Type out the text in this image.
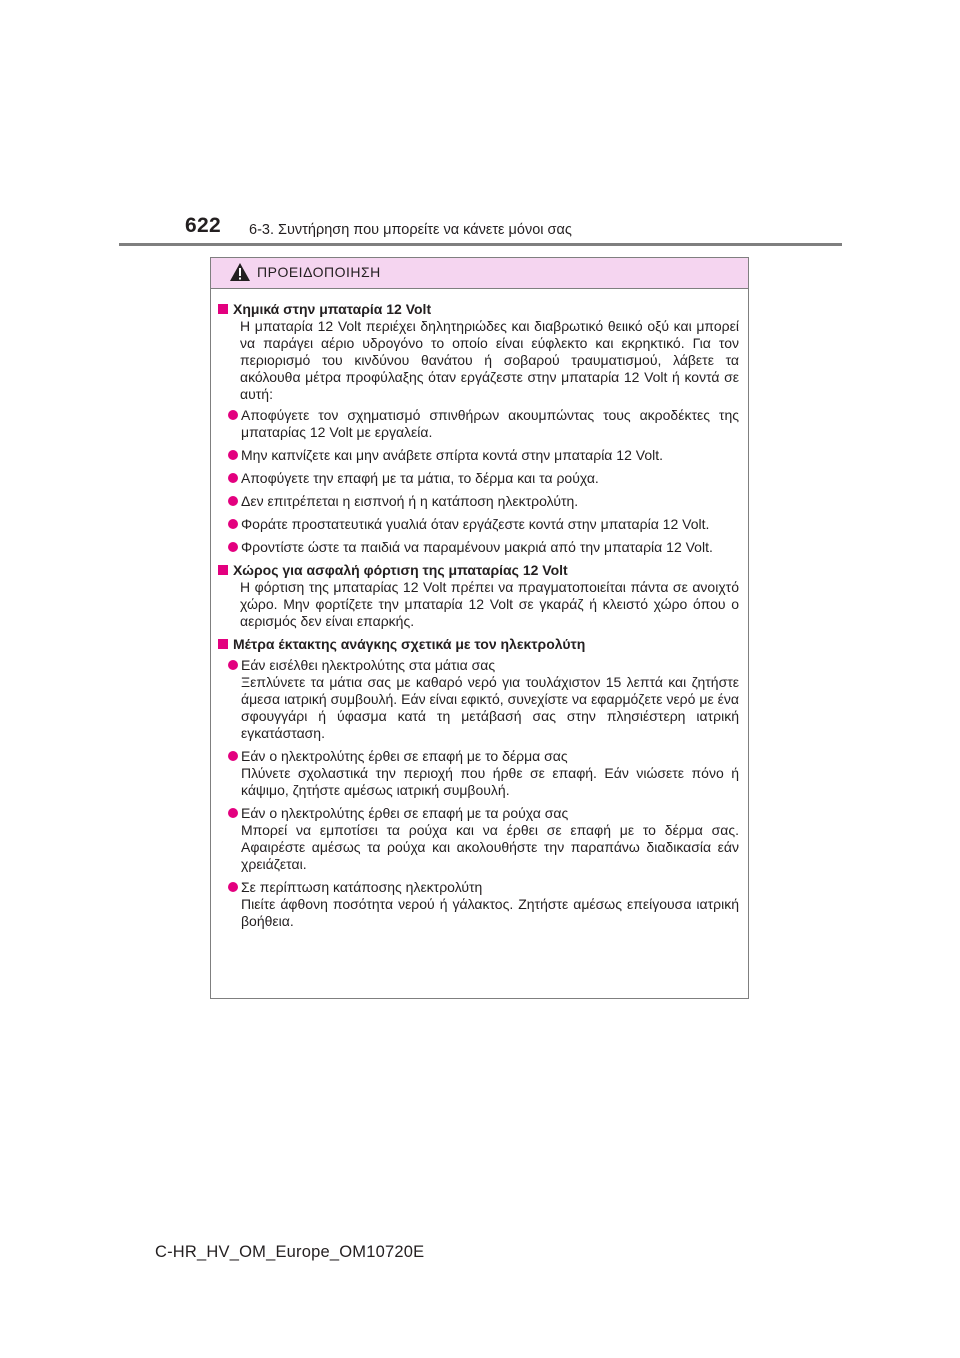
622 6-3. Συντήρηση που μπορείτε να κάνετε μόνοι σας
ΠΡΟΕΙΔΟΠΟΙΗΣΗ
Χημικά στην μπαταρία 12 Volt

Η μπαταρία 12 Volt περιέχει δηλητηριώδες και διαβρωτικό θειικό οξύ και μπορεί να παράγει αέριο υδρογόνο το οποίο είναι εύφλεκτο και εκρηκτικό. Για τον περιορισμό του κινδύνου θανάτου ή σοβαρού τραυματισμού, λάβετε τα ακόλουθα μέτρα προφύλαξης όταν εργάζεστε στην μπαταρία 12 Volt ή κοντά σε αυτή:

Αποφύγετε τον σχηματισμό σπινθήρων ακουμπώντας τους ακροδέκτες της μπαταρίας 12 Volt με εργαλεία.
Μην καπνίζετε και μην ανάβετε σπίρτα κοντά στην μπαταρία 12 Volt.
Αποφύγετε την επαφή με τα μάτια, το δέρμα και τα ρούχα.
Δεν επιτρέπεται η εισπνοή ή η κατάποση ηλεκτρολύτη.
Φοράτε προστατευτικά γυαλιά όταν εργάζεστε κοντά στην μπαταρία 12 Volt.
Φροντίστε ώστε τα παιδιά να παραμένουν μακριά από την μπαταρία 12 Volt.
Χώρος για ασφαλή φόρτιση της μπαταρίας 12 Volt

Η φόρτιση της μπαταρίας 12 Volt πρέπει να πραγματοποιείται πάντα σε ανοιχτό χώρο. Μην φορτίζετε την μπαταρία 12 Volt σε γκαράζ ή κλειστό χώρο όπου ο αερισμός δεν είναι επαρκής.

Μέτρα έκτακτης ανάγκης σχετικά με τον ηλεκτρολύτη
Εάν εισέλθει ηλεκτρολύτης στα μάτια σας
Ξεπλύνετε τα μάτια σας με καθαρό νερό για τουλάχιστον 15 λεπτά και ζητήστε άμεσα ιατρική συμβουλή. Εάν είναι εφικτό, συνεχίστε να εφαρμόζετε νερό με ένα σφουγγάρι ή ύφασμα κατά τη μετάβασή σας στην πλησιέστερη ιατρική εγκατάσταση.
Εάν ο ηλεκτρολύτης έρθει σε επαφή με το δέρμα σας
Πλύνετε σχολαστικά την περιοχή που ήρθε σε επαφή. Εάν νιώσετε πόνο ή κάψιμο, ζητήστε αμέσως ιατρική συμβουλή.
Εάν ο ηλεκτρολύτης έρθει σε επαφή με τα ρούχα σας
Μπορεί να εμποτίσει τα ρούχα και να έρθει σε επαφή με το δέρμα σας. Αφαιρέστε αμέσως τα ρούχα και ακολουθήστε την παραπάνω διαδικασία εάν χρειάζεται.
Σε περίπτωση κατάποσης ηλεκτρολύτη
Πιείτε άφθονη ποσότητα νερού ή γάλακτος. Ζητήστε αμέσως επείγουσα ιατρική βοήθεια.
C-HR_HV_OM_Europe_OM10720E
